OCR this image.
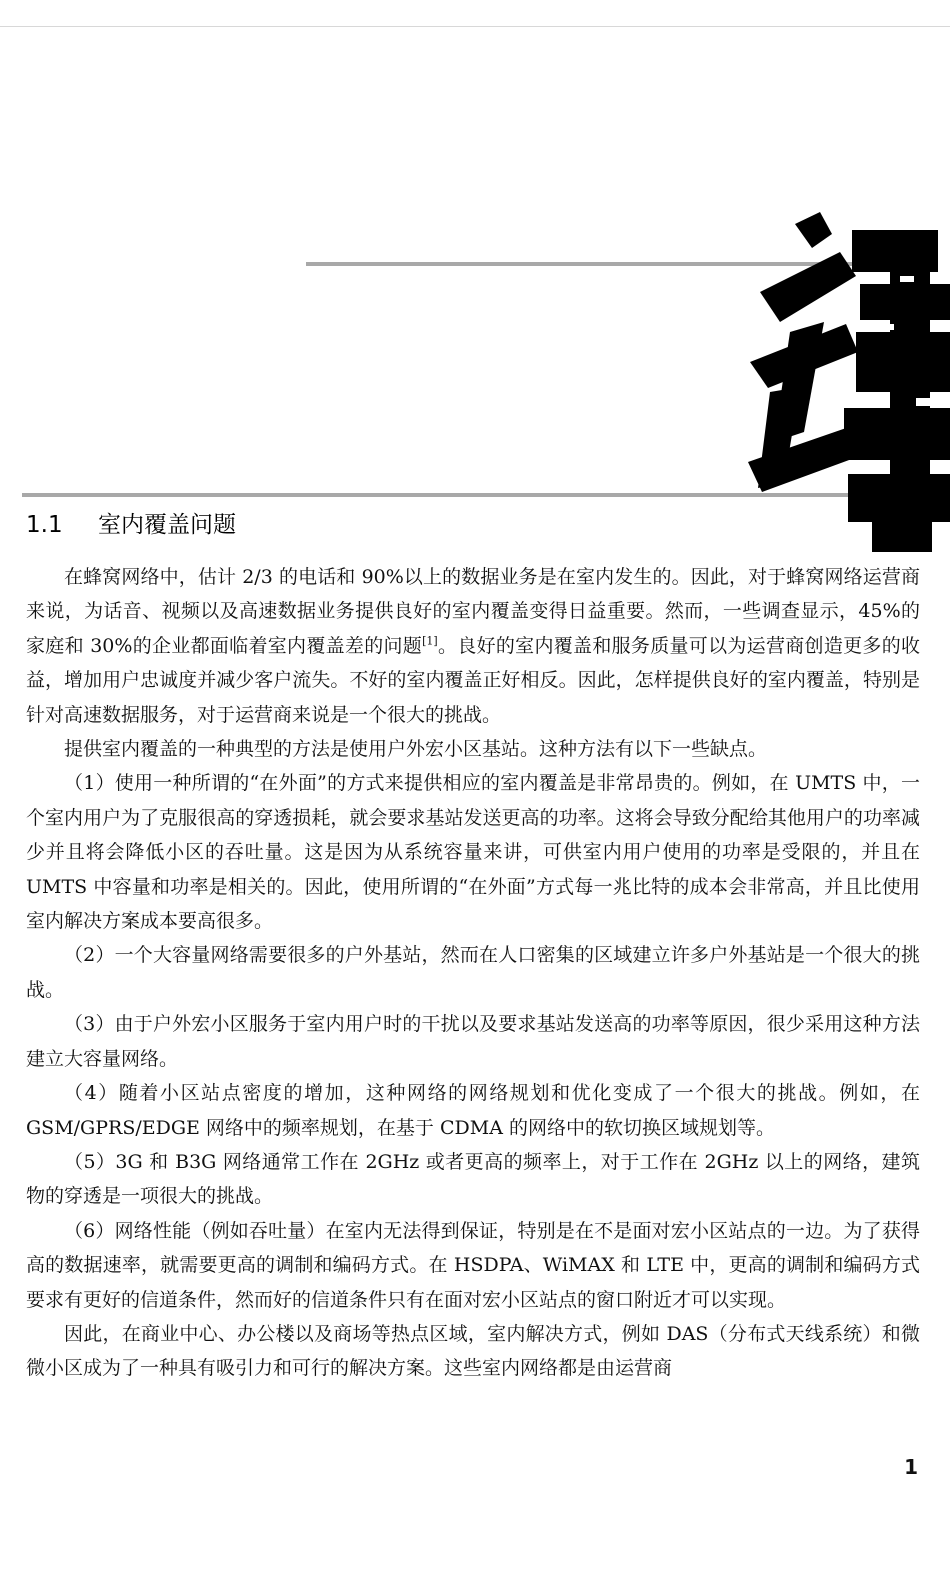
1.1 室内覆盖问题

在蜂窝网络中，估计 2/3 的电话和 90%以上的数据业务是在室内发生的。因此，对于蜂窝网络运营商来说，为话音、视频以及高速数据业务提供良好的室内覆盖变得日益重要。然而，一些调查显示，45%的家庭和 30%的企业都面临着室内覆盖差的问题[1]。良好的室内覆盖和服务质量可以为运营商创造更多的收益，增加用户忠诚度并减少客户流失。不好的室内覆盖正好相反。因此，怎样提供良好的室内覆盖，特别是针对高速数据服务，对于运营商来说是一个很大的挑战。

提供室内覆盖的一种典型的方法是使用户外宏小区基站。这种方法有以下一些缺点。

（1）使用一种所谓的“在外面”的方式来提供相应的室内覆盖是非常昂贵的。例如，在 UMTS 中，一个室内用户为了克服很高的穿透损耗，就会要求基站发送更高的功率。这将会导致分配给其他用户的功率减少并且将会降低小区的吞吐量。这是因为从系统容量来讲，可供室内用户使用的功率是受限的，并且在 UMTS 中容量和功率是相关的。因此，使用所谓的“在外面”方式每一兆比特的成本会非常高，并且比使用室内解决方案成本要高很多。

（2）一个大容量网络需要很多的户外基站，然而在人口密集的区域建立许多户外基站是一个很大的挑战。

（3）由于户外宏小区服务于室内用户时的干扰以及要求基站发送高的功率等原因，很少采用这种方法建立大容量网络。

（4）随着小区站点密度的增加，这种网络的网络规划和优化变成了一个很大的挑战。例如，在 GSM/GPRS/EDGE 网络中的频率规划，在基于 CDMA 的网络中的软切换区域规划等。

（5）3G 和 B3G 网络通常工作在 2GHz 或者更高的频率上，对于工作在 2GHz 以上的网络，建筑物的穿透是一项很大的挑战。

（6）网络性能（例如吞吐量）在室内无法得到保证，特别是在不是面对宏小区站点的一边。为了获得高的数据速率，就需要更高的调制和编码方式。在 HSDPA、WiMAX 和 LTE 中，更高的调制和编码方式要求有更好的信道条件，然而好的信道条件只有在面对宏小区站点的窗口附近才可以实现。

因此，在商业中心、办公楼以及商场等热点区域，室内解决方式，例如 DAS（分布式天线系统）和微微小区成为了一种具有吸引力和可行的解决方案。这些室内网络都是由运营商

1
